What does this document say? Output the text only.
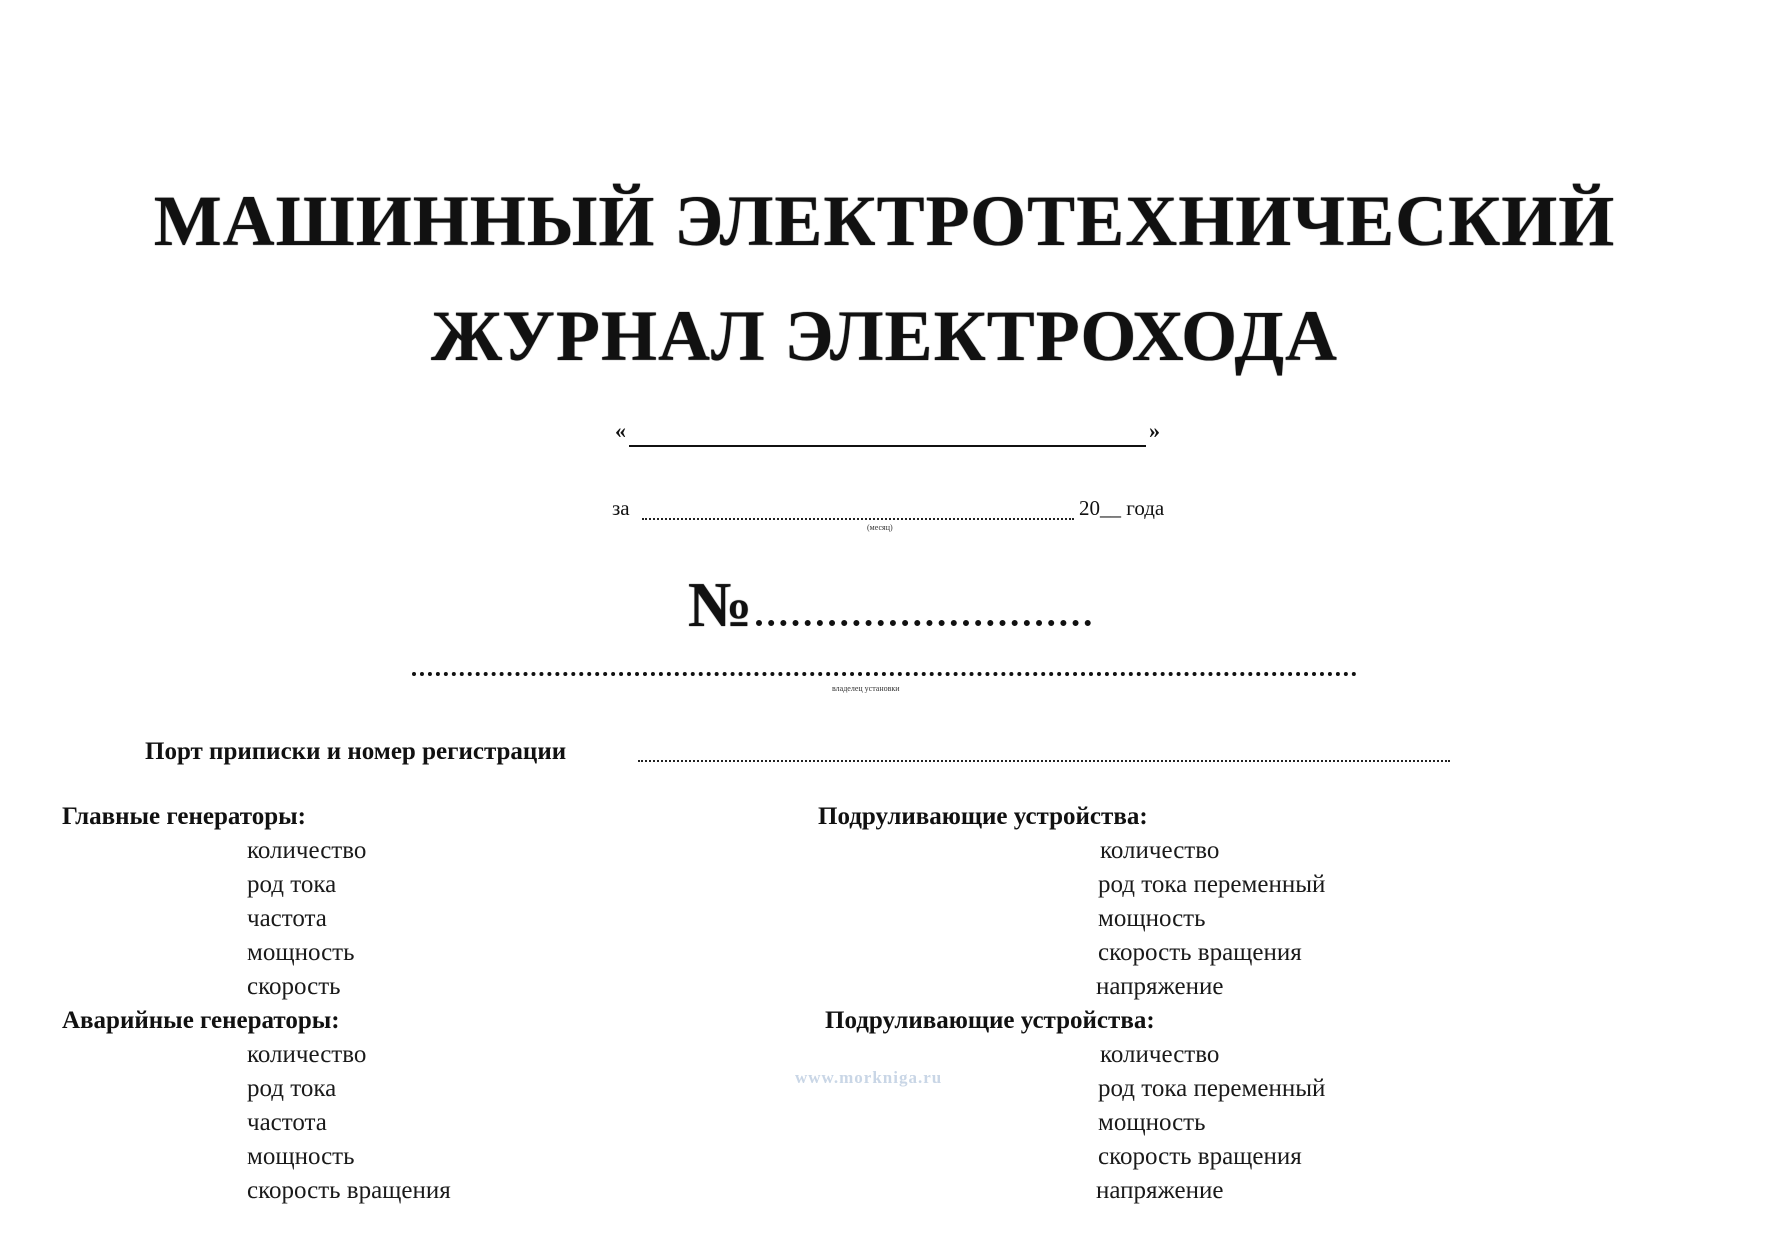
МАШИННЫЙ ЭЛЕКТРОТЕХНИЧЕСКИЙ
ЖУРНАЛ ЭЛЕКТРОХОДА
«	»
за
(месяц)
20__ года
№
владелец установки
Порт приписки и номер регистрации
Главные генераторы:
количество
род тока
частота
мощность
скорость
Аварийные генераторы:
количество
род тока
частота
мощность
скорость вращения
Подруливающие устройства:
количество
род тока переменный
мощность
скорость вращения
напряжение
Подруливающие устройства:
количество
род тока переменный
мощность
скорость вращения
напряжение
www.morkniga.ru
